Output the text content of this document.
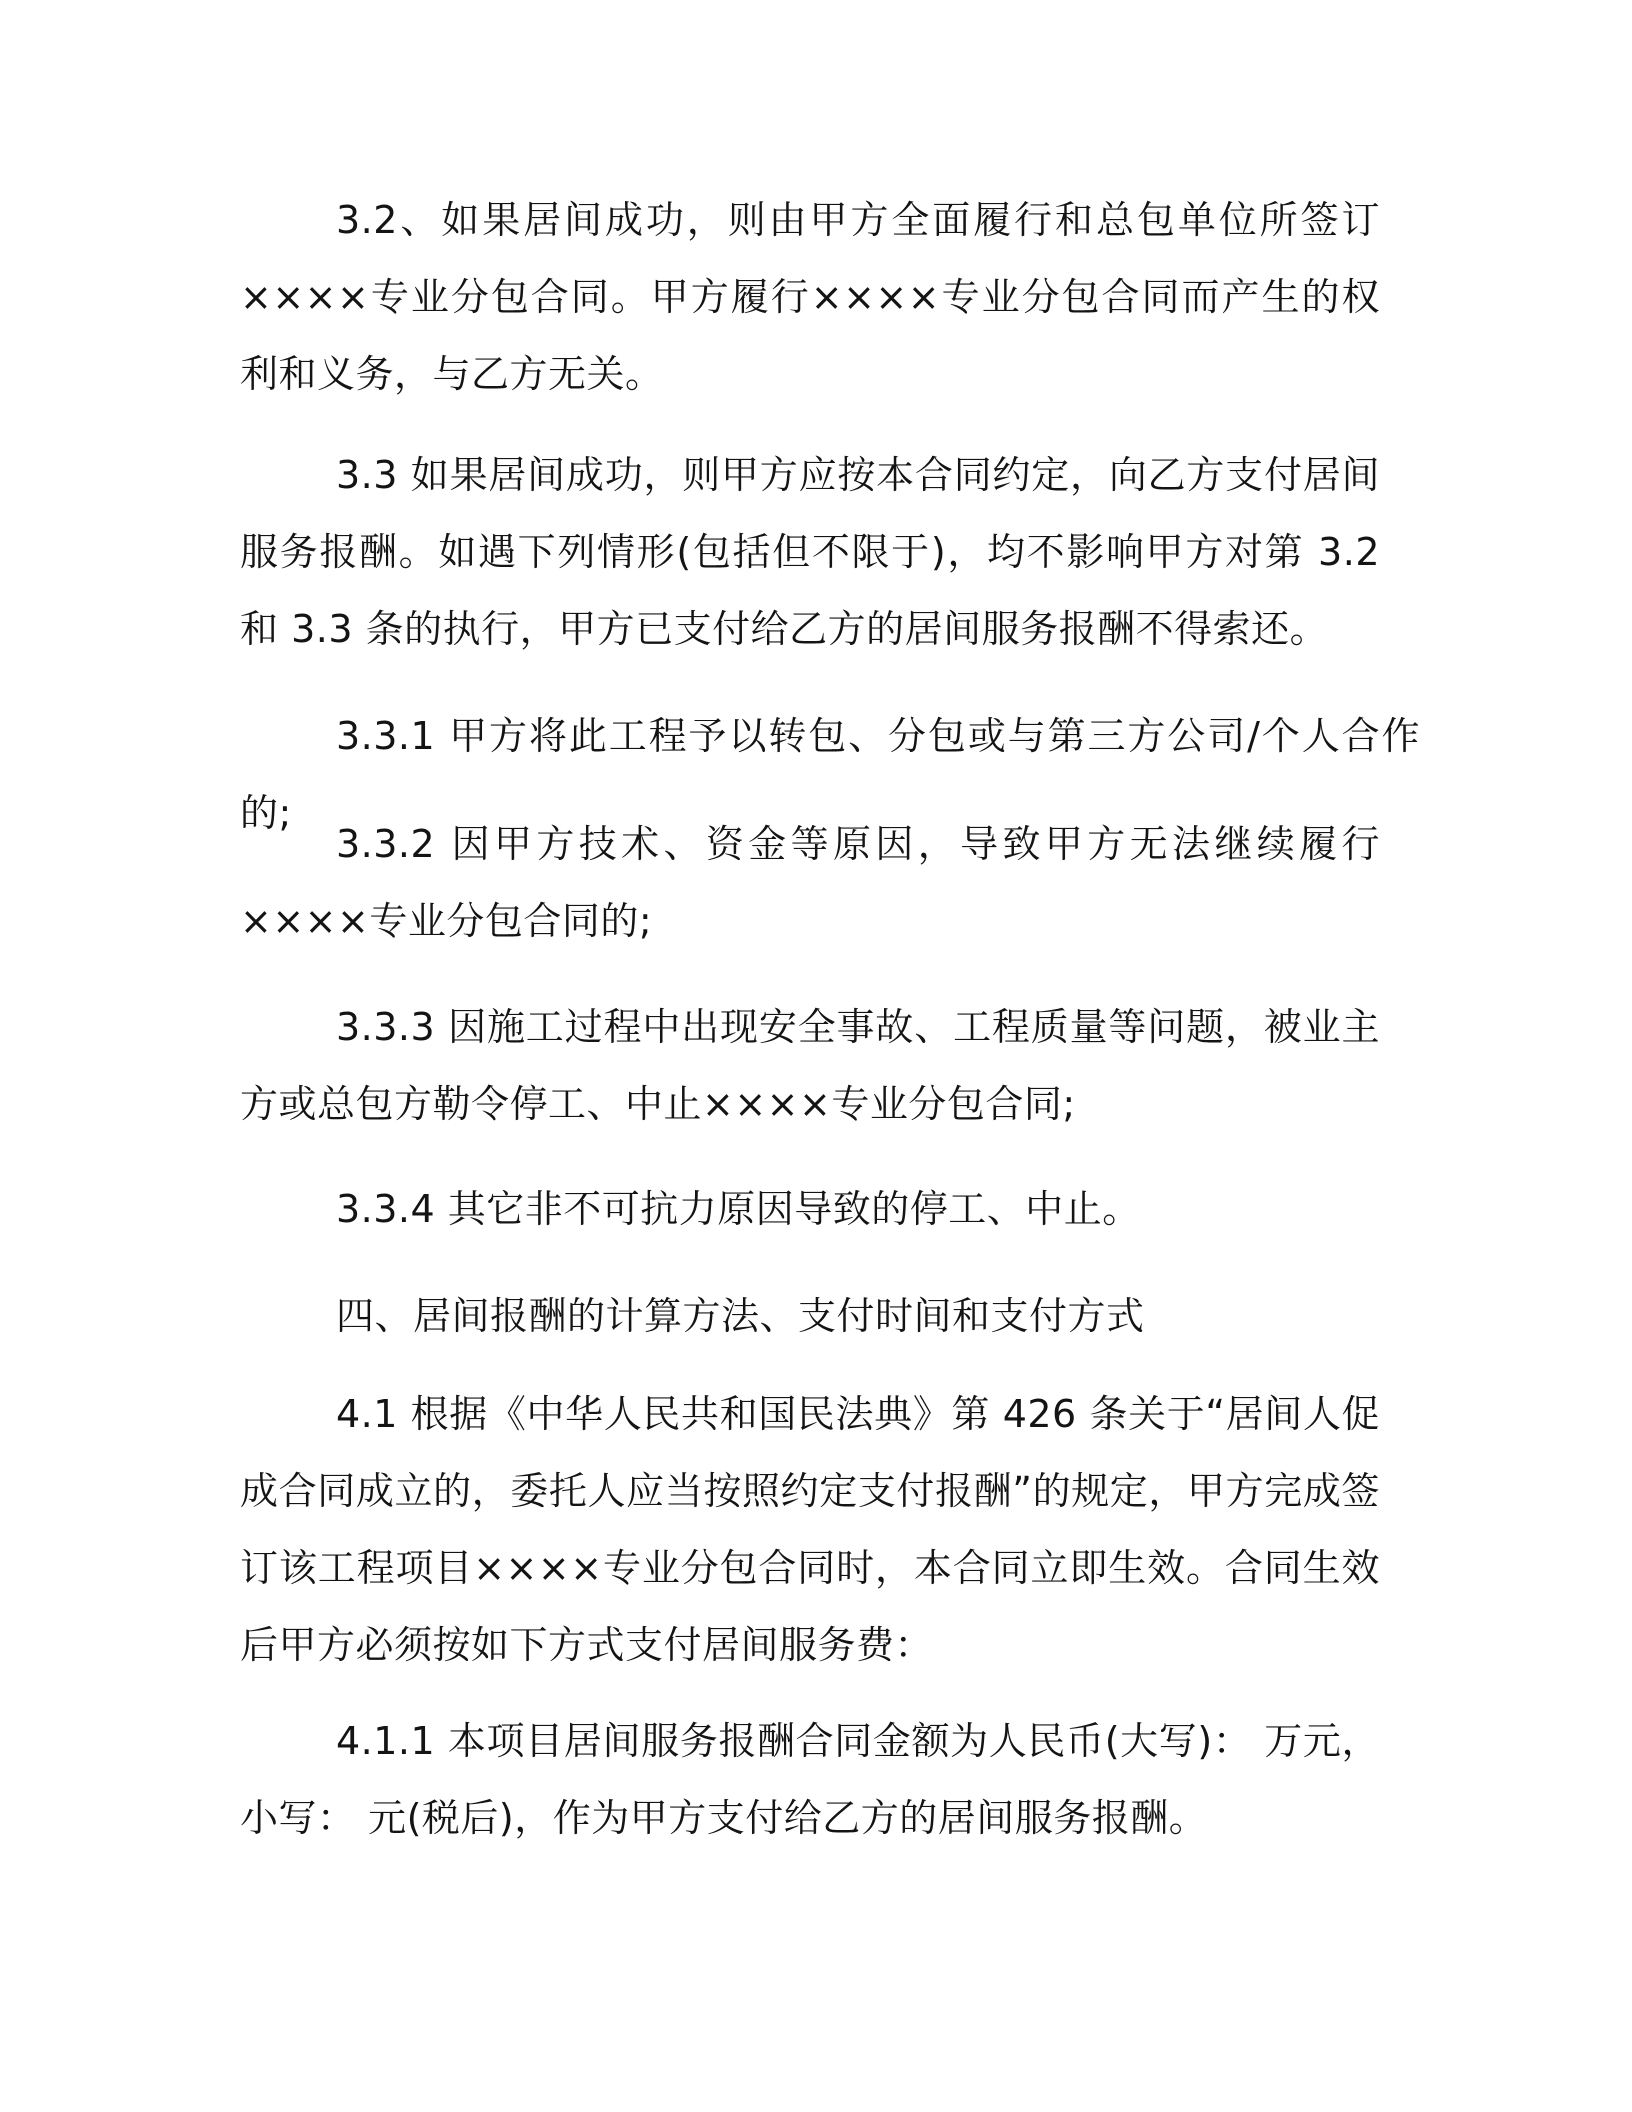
3.2、如果居间成功，则由甲方全面履行和总包单位所签订××××专业分包合同。甲方履行××××专业分包合同而产生的权利和义务，与乙方无关。

3.3 如果居间成功，则甲方应按本合同约定，向乙方支付居间服务报酬。如遇下列情形(包括但不限于)，均不影响甲方对第 3.2 和 3.3 条的执行，甲方已支付给乙方的居间服务报酬不得索还。

3.3.1 甲方将此工程予以转包、分包或与第三方公司/个人合作的;

3.3.2 因甲方技术、资金等原因，导致甲方无法继续履行××××专业分包合同的;

3.3.3 因施工过程中出现安全事故、工程质量等问题，被业主方或总包方勒令停工、中止××××专业分包合同;

3.3.4 其它非不可抗力原因导致的停工、中止。

四、居间报酬的计算方法、支付时间和支付方式

4.1 根据《中华人民共和国民法典》第 426 条关于“居间人促成合同成立的，委托人应当按照约定支付报酬”的规定，甲方完成签订该工程项目××××专业分包合同时，本合同立即生效。合同生效后甲方必须按如下方式支付居间服务费：

4.1.1 本项目居间服务报酬合同金额为人民币(大写)： 万元，小写： 元(税后)，作为甲方支付给乙方的居间服务报酬。
